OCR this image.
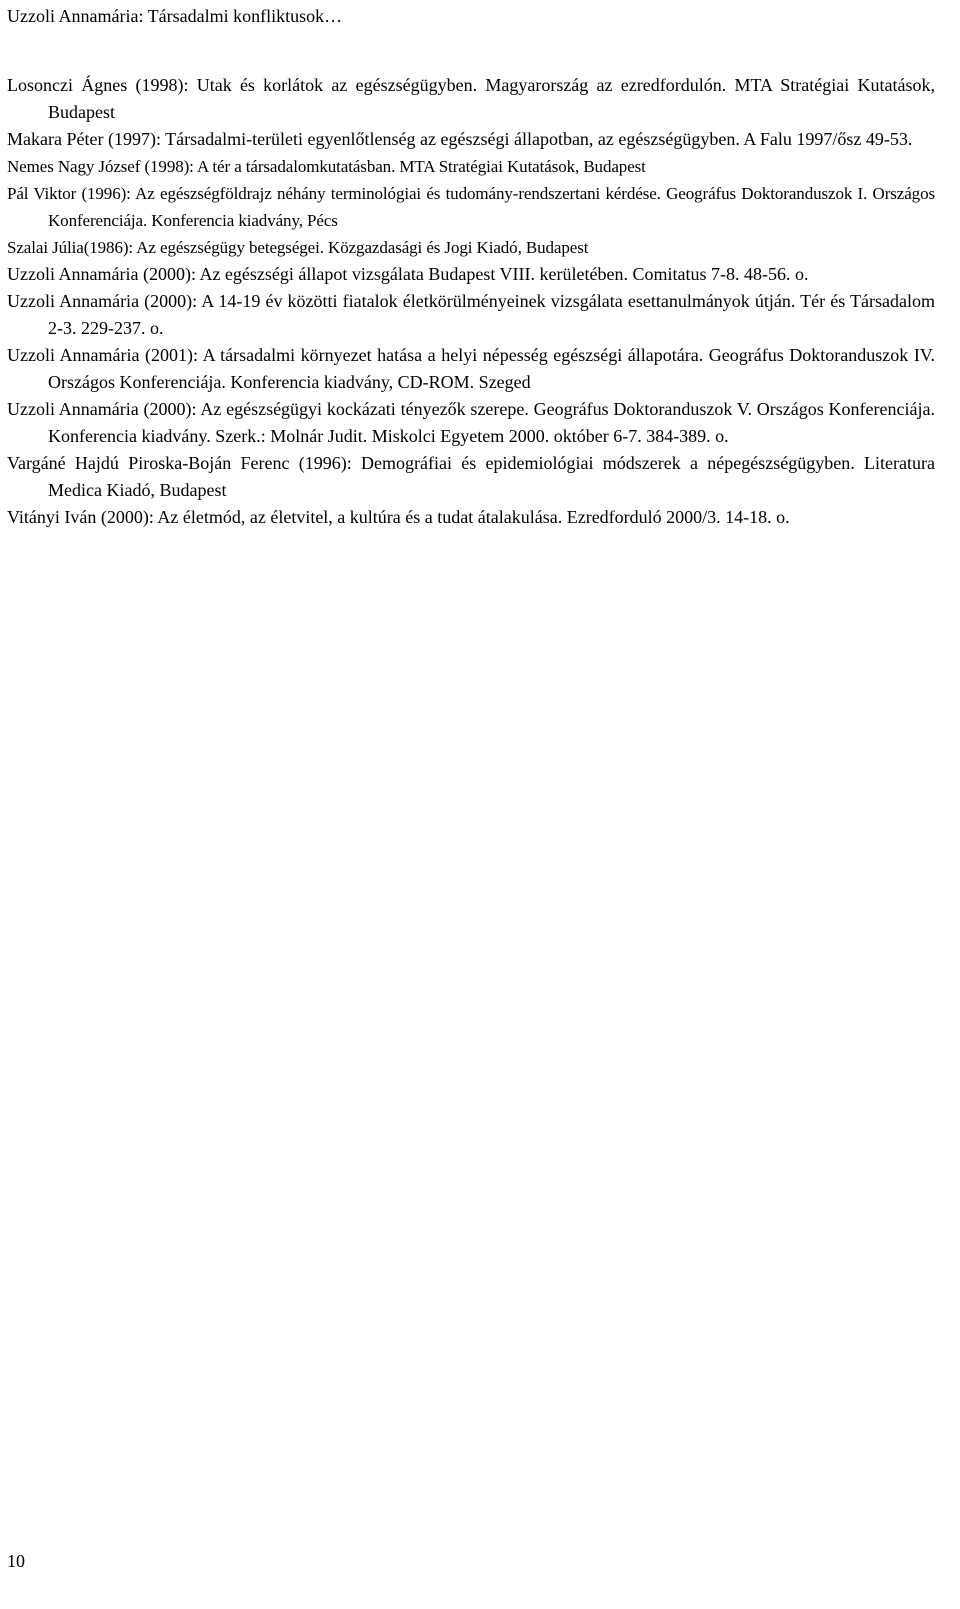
Uzzoli Annamária: Társadalmi konfliktusok…
Losonczi Ágnes (1998): Utak és korlátok az egészségügyben. Magyarország az ezredfordulón. MTA Stratégiai Kutatások, Budapest
Makara Péter (1997): Társadalmi-területi egyenlőtlenség az egészségi állapotban, az egészségügyben. A Falu 1997/ősz 49-53.
Nemes Nagy József (1998): A tér a társadalomkutatásban. MTA Stratégiai Kutatások, Budapest
Pál Viktor (1996): Az egészségföldrajz néhány terminológiai és tudomány-rendszertani kérdése. Geográfus Doktoranduszok I. Országos Konferenciája. Konferencia kiadvány, Pécs
Szalai Júlia(1986): Az egészségügy betegségei. Közgazdasági és Jogi Kiadó, Budapest
Uzzoli Annamária (2000): Az egészségi állapot vizsgálata Budapest VIII. kerületében. Comitatus 7-8. 48-56. o.
Uzzoli Annamária (2000): A 14-19 év közötti fiatalok életkörülményeinek vizsgálata esettanulmányok útján. Tér és Társadalom 2-3. 229-237. o.
Uzzoli Annamária (2001): A társadalmi környezet hatása a helyi népesség egészségi állapotára. Geográfus Doktoranduszok IV. Országos Konferenciája. Konferencia kiadvány, CD-ROM. Szeged
Uzzoli Annamária (2000): Az egészségügyi kockázati tényezők szerepe. Geográfus Doktoranduszok V. Országos Konferenciája. Konferencia kiadvány. Szerk.: Molnár Judit. Miskolci Egyetem 2000. október 6-7. 384-389. o.
Vargáné Hajdú Piroska-Boján Ferenc (1996): Demográfiai és epidemiológiai módszerek a népegészségügyben. Literatura Medica Kiadó, Budapest
Vitányi Iván (2000): Az életmód, az életvitel, a kultúra és a tudat átalakulása. Ezredforduló 2000/3. 14-18. o.
10
